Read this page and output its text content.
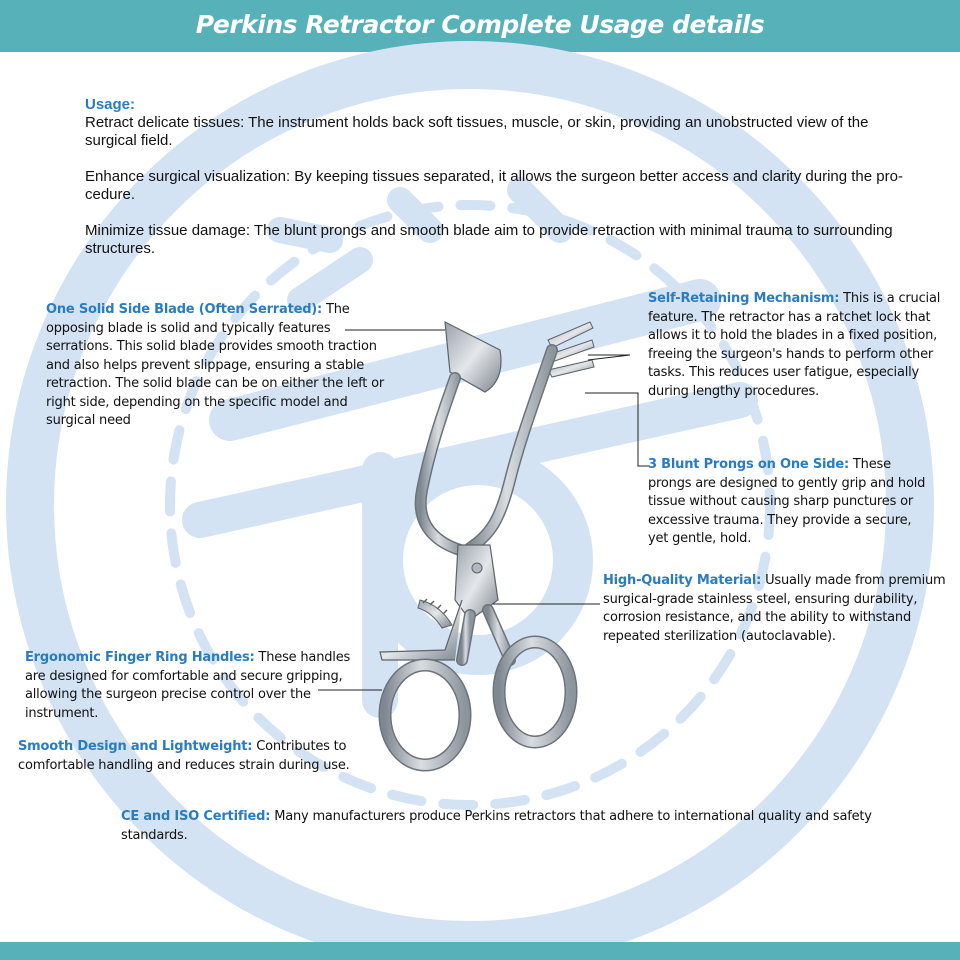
Perkins Retractor Complete Usage details
Usage:

Retract delicate tissues: The instrument holds back soft tissues, muscle, or skin, providing an unobstructed view of the surgical field.

Enhance surgical visualization: By keeping tissues separated, it allows the surgeon better access and clarity during the pro-cedure.

Minimize tissue damage: The blunt prongs and smooth blade aim to provide retraction with minimal trauma to surrounding structures.

One Solid Side Blade (Often Serrated): The opposing blade is solid and typically features serrations. This solid blade provides smooth traction and also helps prevent slippage, ensuring a stable retraction. The solid blade can be on either the left or right side, depending on the specific model and surgical need
Self-Retaining Mechanism: This is a crucial feature. The retractor has a ratchet lock that allows it to hold the blades in a fixed position, freeing the surgeon's hands to perform other tasks. This reduces user fatigue, especially during lengthy procedures.
3 Blunt Prongs on One Side: These prongs are designed to gently grip and hold tissue without causing sharp punctures or excessive trauma. They provide a secure, yet gentle, hold.
High-Quality Material: Usually made from premium surgical-grade stainless steel, ensuring durability, corrosion resistance, and the ability to withstand repeated sterilization (autoclavable).
Ergonomic Finger Ring Handles: These handles are designed for comfortable and secure gripping, allowing the surgeon precise control over the instrument.
Smooth Design and Lightweight: Contributes to comfortable handling and reduces strain during use.
CE and ISO Certified: Many manufacturers produce Perkins retractors that adhere to international quality and safety standards.
